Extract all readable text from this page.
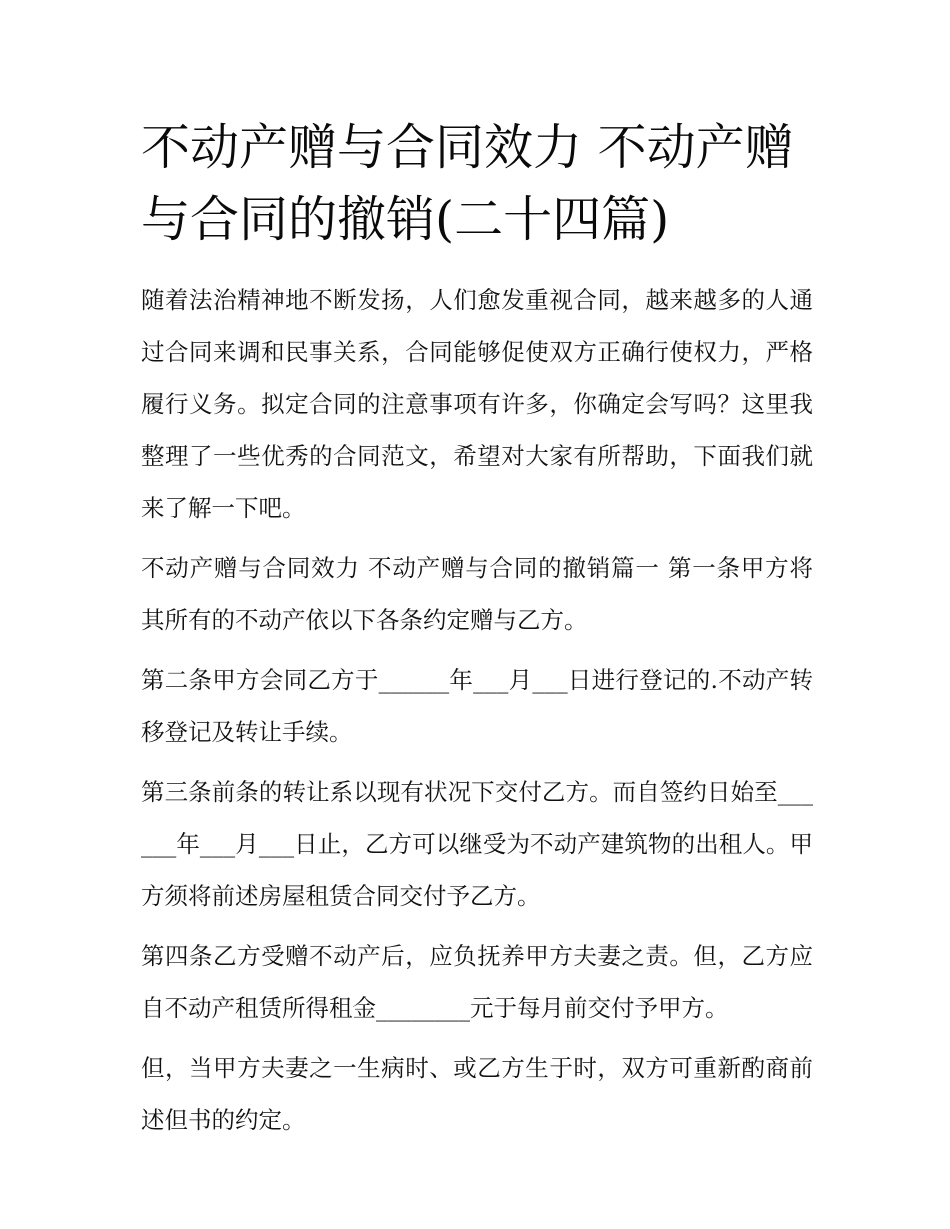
不动产赠与合同效力 不动产赠与合同的撤销(二十四篇)

随着法治精神地不断发扬，人们愈发重视合同，越来越多的人通过合同来调和民事关系，合同能够促使双方正确行使权力，严格履行义务。拟定合同的注意事项有许多，你确定会写吗？这里我整理了一些优秀的合同范文，希望对大家有所帮助，下面我们就来了解一下吧。

不动产赠与合同效力 不动产赠与合同的撤销篇一 第一条甲方将其所有的不动产依以下各条约定赠与乙方。

第二条甲方会同乙方于______年___月___日进行登记的.不动产转移登记及转让手续。

第三条前条的转让系以现有状况下交付乙方。而自签约日始至______年___月___日止，乙方可以继受为不动产建筑物的出租人。甲方须将前述房屋租赁合同交付予乙方。

第四条乙方受赠不动产后，应负抚养甲方夫妻之责。但，乙方应自不动产租赁所得租金________元于每月前交付予甲方。

但，当甲方夫妻之一生病时、或乙方生于时，双方可重新酌商前述但书的约定。
